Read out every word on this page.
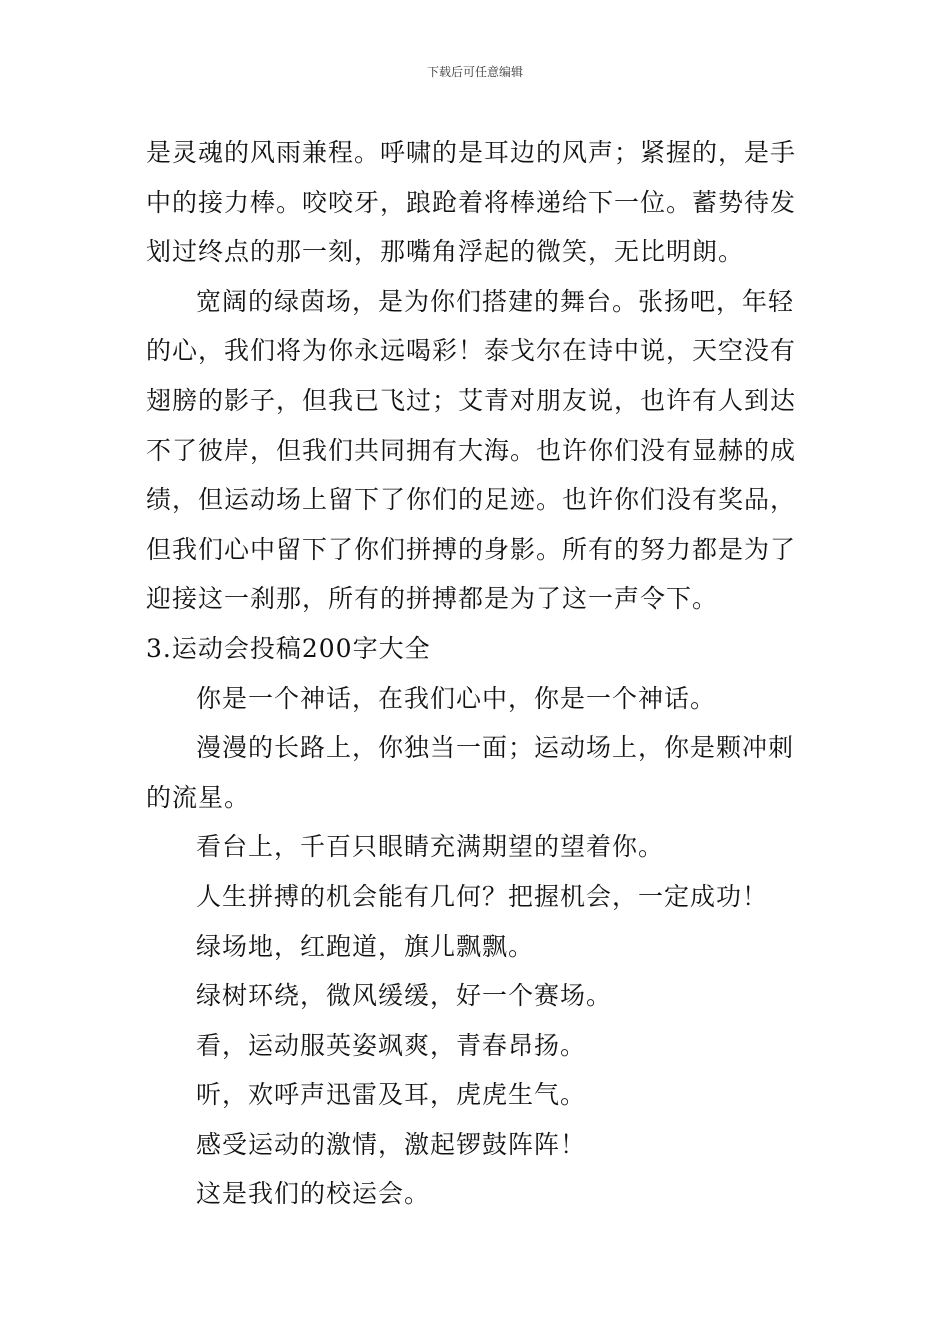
下载后可任意编辑

是灵魂的风雨兼程。呼啸的是耳边的风声；紧握的，是手

中的接力棒。咬咬牙，踉跄着将棒递给下一位。蓄势待发

划过终点的那一刻，那嘴角浮起的微笑，无比明朗。

宽阔的绿茵场，是为你们搭建的舞台。张扬吧，年轻

的心，我们将为你永远喝彩！泰戈尔在诗中说，天空没有

翅膀的影子，但我已飞过；艾青对朋友说，也许有人到达

不了彼岸，但我们共同拥有大海。也许你们没有显赫的成

绩，但运动场上留下了你们的足迹。也许你们没有奖品，

但我们心中留下了你们拼搏的身影。所有的努力都是为了

迎接这一刹那，所有的拼搏都是为了这一声令下。

3.运动会投稿200字大全

你是一个神话，在我们心中，你是一个神话。

漫漫的长路上，你独当一面；运动场上，你是颗冲刺

的流星。

看台上，千百只眼睛充满期望的望着你。

人生拼搏的机会能有几何？把握机会，一定成功！

绿场地，红跑道，旗儿飘飘。

绿树环绕，微风缓缓，好一个赛场。

看，运动服英姿飒爽，青春昂扬。

听，欢呼声迅雷及耳，虎虎生气。

感受运动的激情，激起锣鼓阵阵！

这是我们的校运会。
